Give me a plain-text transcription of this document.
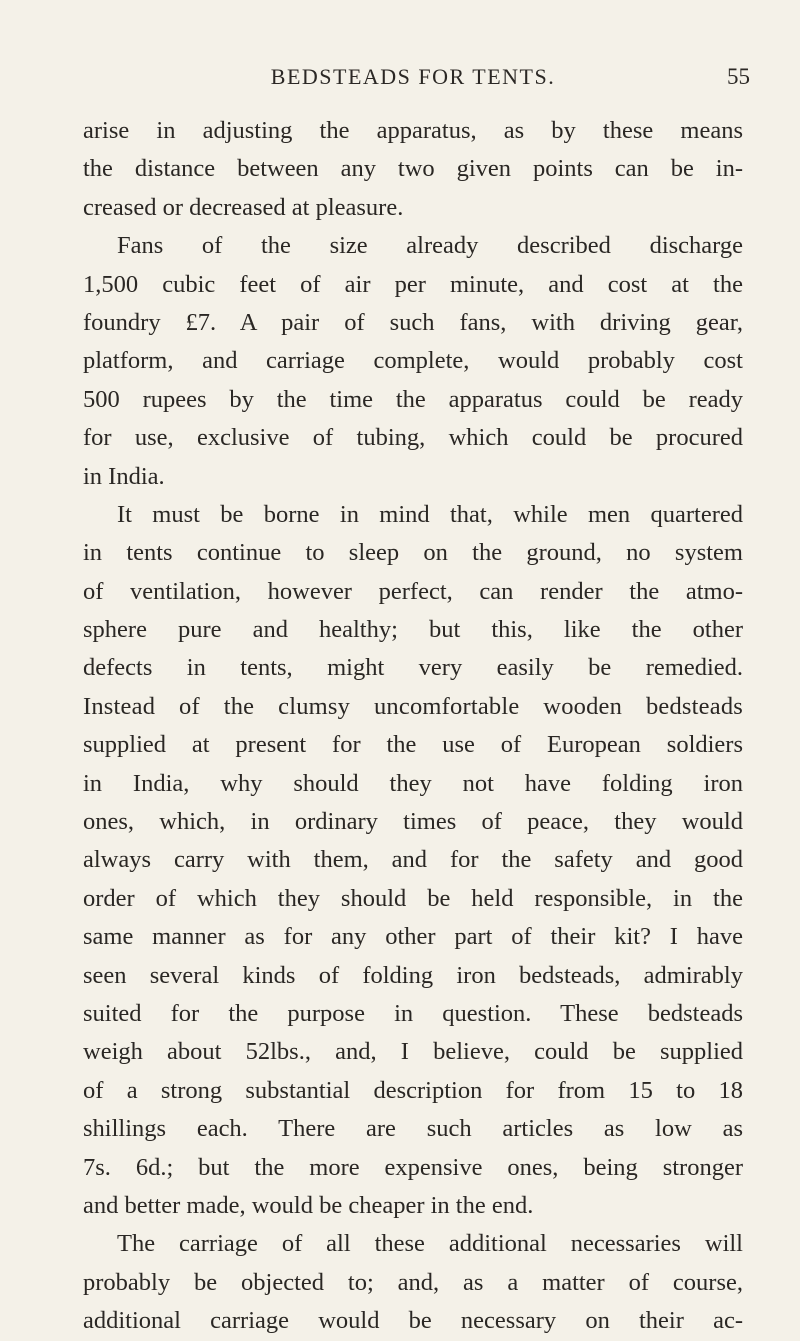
BEDSTEADS FOR TENTS.	55
arise in adjusting the apparatus, as by these means
the distance between any two given points can be in-
creased or decreased at pleasure.
Fans of the size already described discharge
1,500 cubic feet of air per minute, and cost at the
foundry £7. A pair of such fans, with driving gear,
platform, and carriage complete, would probably cost
500 rupees by the time the apparatus could be ready
for use, exclusive of tubing, which could be procured
in India.
It must be borne in mind that, while men quartered
in tents continue to sleep on the ground, no system
of ventilation, however perfect, can render the atmo-
sphere pure and healthy; but this, like the other
defects in tents, might very easily be remedied.
Instead of the clumsy uncomfortable wooden bedsteads
supplied at present for the use of European soldiers
in India, why should they not have folding iron
ones, which, in ordinary times of peace, they would
always carry with them, and for the safety and good
order of which they should be held responsible, in the
same manner as for any other part of their kit? I have
seen several kinds of folding iron bedsteads, admirably
suited for the purpose in question. These bedsteads
weigh about 52lbs., and, I believe, could be supplied
of a strong substantial description for from 15 to 18
shillings each. There are such articles as low as
7s. 6d.; but the more expensive ones, being stronger
and better made, would be cheaper in the end.
The carriage of all these additional necessaries will
probably be objected to; and, as a matter of course,
additional carriage would be necessary on their ac-
